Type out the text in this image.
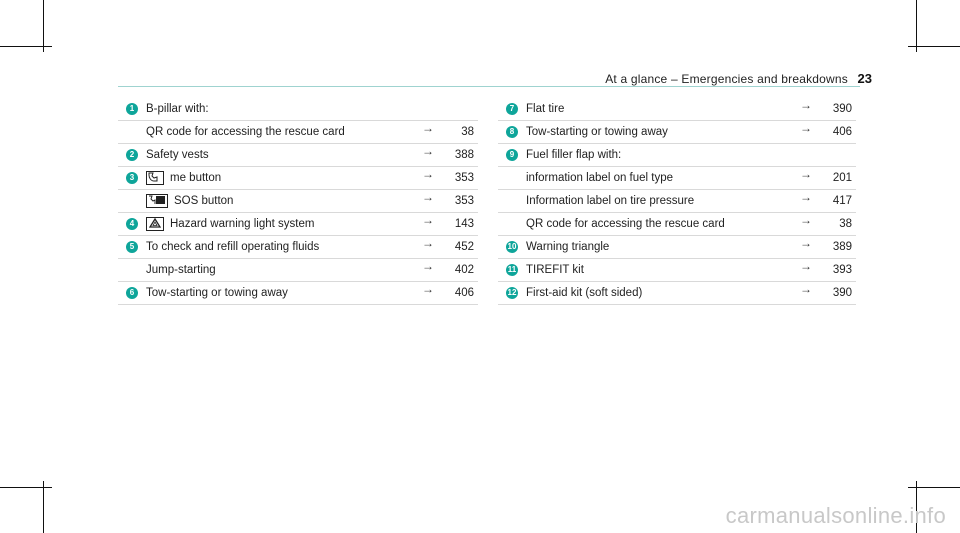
At a glance – Emergencies and breakdowns 23
1	B-pillar with:
QR code for accessing the rescue card	→ 38
2	Safety vests	→ 388
3	me button	→ 353
SOS button	→ 353
4	Hazard warning light system	→ 143
5	To check and refill operating fluids	→ 452
Jump-starting	→ 402
6	Tow-starting or towing away	→ 406
7	Flat tire	→ 390
8	Tow-starting or towing away	→ 406
9	Fuel filler flap with:
information label on fuel type	→ 201
Information label on tire pressure	→ 417
QR code for accessing the rescue card	→ 38
10 Warning triangle	→ 389
11 TIREFIT kit	→ 393
12 First-aid kit (soft sided)	→ 390
carmanualsonline.info
